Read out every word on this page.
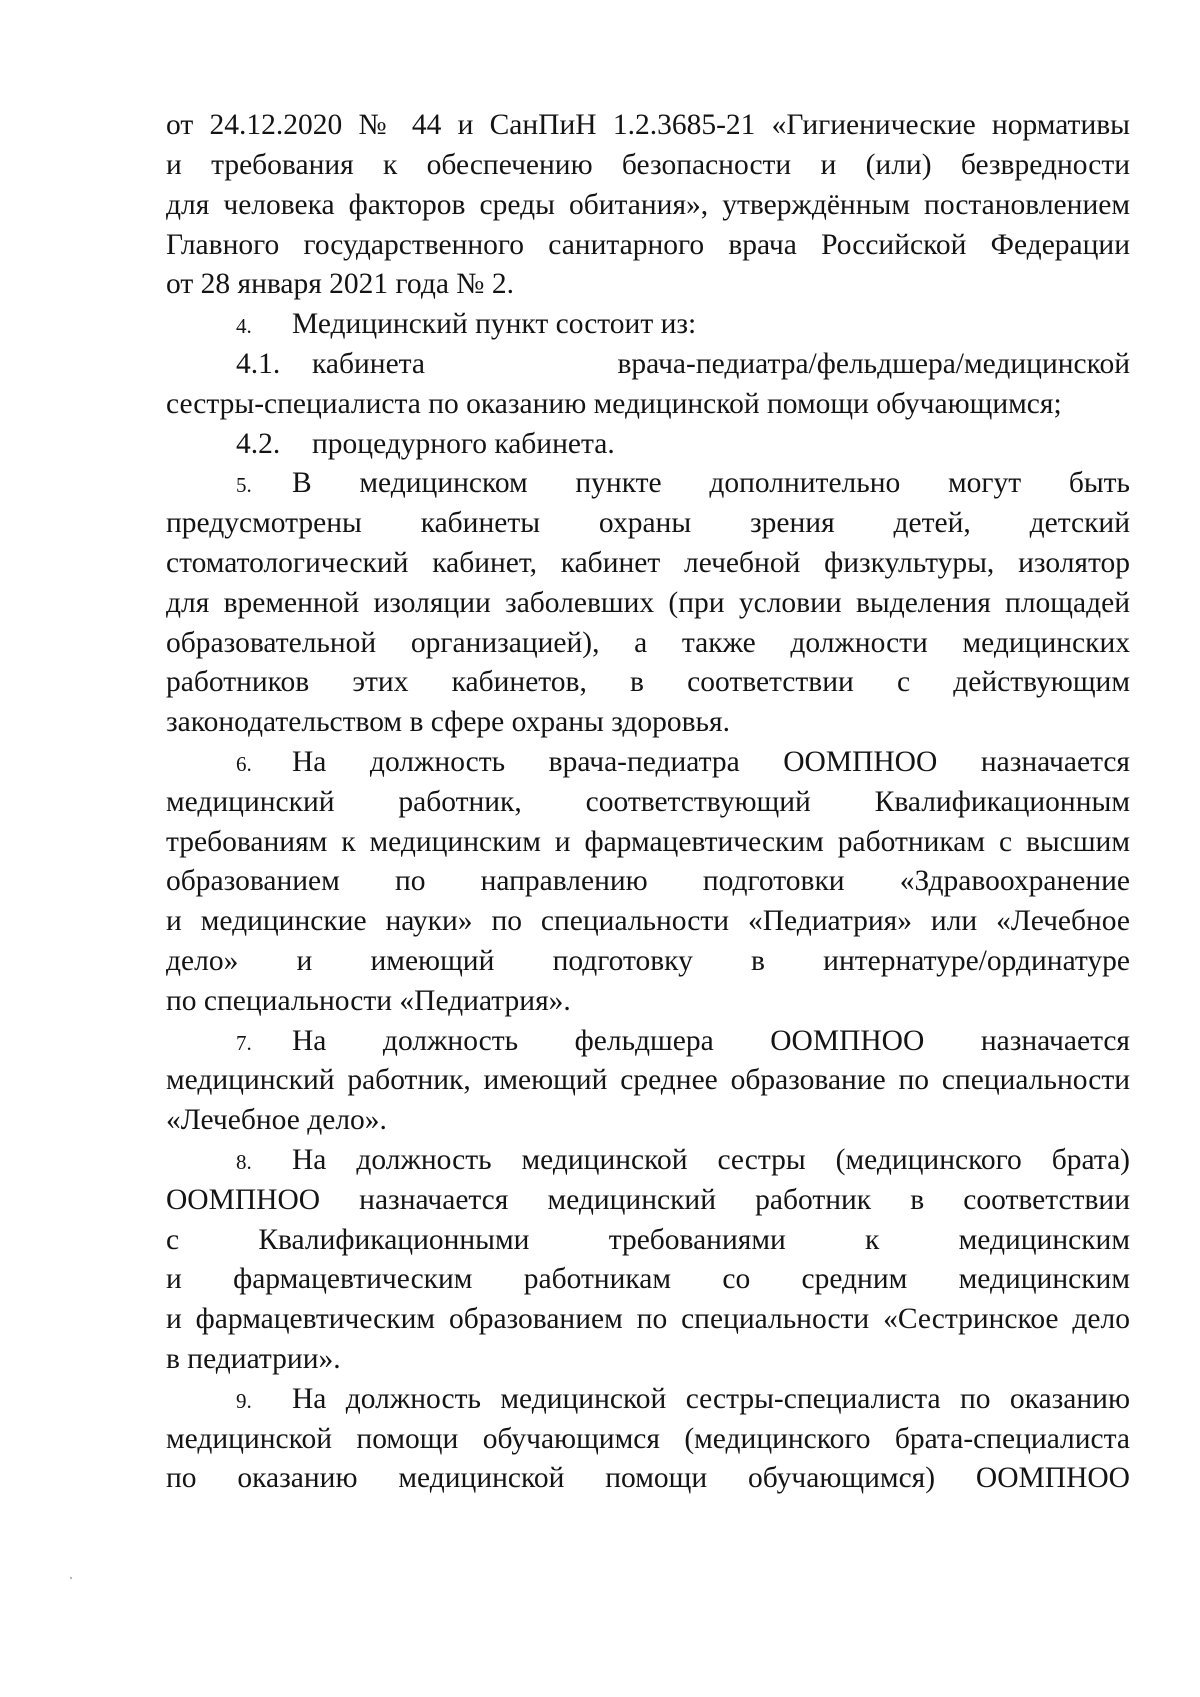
от 24.12.2020 № 44 и СанПиН 1.2.3685-21 «Гигиенические нормативы
и требования к обеспечению безопасности и (или) безвредности
для человека факторов среды обитания», утверждённым постановлением
Главного государственного санитарного врача Российской Федерации
от 28 января 2021 года № 2.
4. Медицинский пункт состоит из:
4.1. кабинета врача-педиатра/фельдшера/медицинской
сестры-специалиста по оказанию медицинской помощи обучающимся;
4.2. процедурного кабинета.
5. В медицинском пункте дополнительно могут быть
предусмотрены кабинеты охраны зрения детей, детский
стоматологический кабинет, кабинет лечебной физкультуры, изолятор
для временной изоляции заболевших (при условии выделения площадей
образовательной организацией), а также должности медицинских
работников этих кабинетов, в соответствии с действующим
законодательством в сфере охраны здоровья.
6. На должность врача-педиатра ООМПНОО назначается
медицинский работник, соответствующий Квалификационным
требованиям к медицинским и фармацевтическим работникам с высшим
образованием по направлению подготовки «Здравоохранение
и медицинские науки» по специальности «Педиатрия» или «Лечебное
дело» и имеющий подготовку в интернатуре/ординатуре
по специальности «Педиатрия».
7. На должность фельдшера ООМПНОО назначается
медицинский работник, имеющий среднее образование по специальности
«Лечебное дело».
8. На должность медицинской сестры (медицинского брата)
ООМПНОО назначается медицинский работник в соответствии
с Квалификационными требованиями к медицинским
и фармацевтическим работникам со средним медицинским
и фармацевтическим образованием по специальности «Сестринское дело
в педиатрии».
9. На должность медицинской сестры-специалиста по оказанию
медицинской помощи обучающимся (медицинского брата-специалиста
по оказанию медицинской помощи обучающимся) ООМПНОО
